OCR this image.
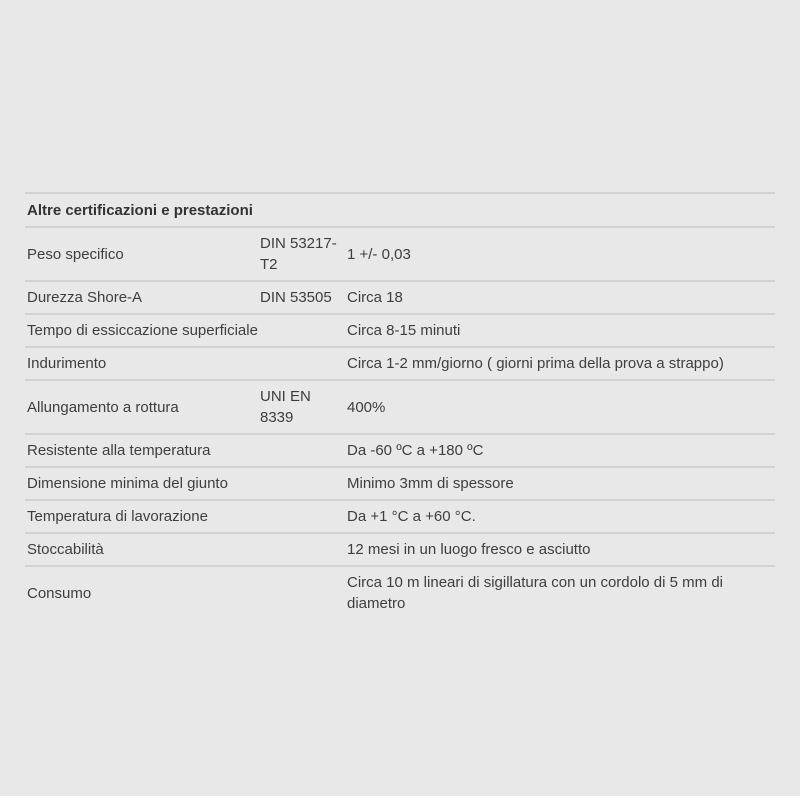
Altre certificazioni e prestazioni		
Peso specifico	DIN 53217-T2	1 +/- 0,03
Durezza Shore-A	DIN 53505	Circa 18
Tempo di essiccazione superficiale		Circa 8-15 minuti
Indurimento		Circa 1-2 mm/giorno ( giorni prima della prova a strappo)
Allungamento a rottura	UNI EN 8339	400%
Resistente alla temperatura		Da -60 ºC a +180 ºC
Dimensione minima del giunto		Minimo 3mm di spessore
Temperatura di lavorazione		Da +1 °C a +60 °C.
Stoccabilità		12 mesi in un luogo fresco e asciutto
Consumo		Circa 10 m lineari di sigillatura con un cordolo di 5 mm di diametro
